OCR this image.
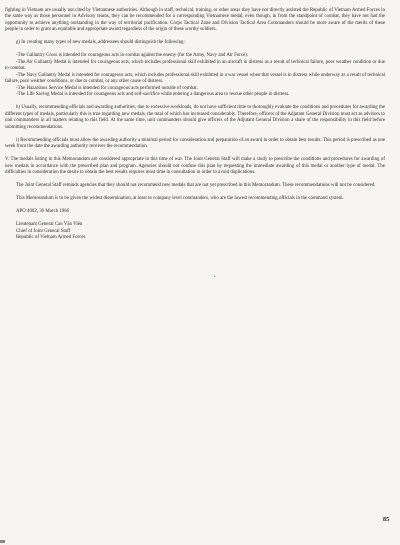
fighting in Vietnam are usually not cited by Vietnamese authorities. Although in staff, technical, training, or other areas they have not directly assisted the Republic of Vietnam Armed Forces in the same way as those personnel in Advisory teams, they can be recommended for a corresponding Vietnamese medal, even though, in from the standpoint of combat, they have not had the opportunity to achieve anything outstanding in the way of territorial pacification. Corps Tactical Zone and Division Tactical Area Commanders should be more aware of the merits of these people in order to grant an equitable and appropriate award regardless of the origin of these worthy soldiers.

g) In creating many types of new medals, addressees should distinguish the following:

-The Gallantry Cross is intended for courageous acts in combat against the enemy (for the Army, Navy and Air Force).

-The Air Gallantry Medal is intended for courageous acts, which includes professional skill exhibited in an aircraft in distress as a result of technical failure, poor weather condition or due to combat.

-The Navy Gallantry Medal is intended for courageous acts, which includes professional skill exhibited in a war vessel when that vessel is in distress while underway as a result of technical failure, poor weather conditions, or due to combat, or any other cause of distress.

-The Hazardous Service Medal is intended for courageous acts performed outside of combat.

-The Life Saving Medal is intended for courageous acts and self-sacrifice while entering a dangerous area to rescue other people in distress.

h) Usually, recommending officials and awarding authorities, due to excessive workloads, do not have sufficient time to thoroughly evaluate the conditions and procedures for awarding the different types of medals, particularly this is true regarding new medals, the total of which has increased considerably. Therefore, officers of the Adjutant General Division must act as advisors to unit commanders in all matters relating to this field. At the same time, unit commanders should give officers of the Adjutant General Division a share of the responsibility in this field before submitting recommendations.

i) Recommending officials must allow the awarding authority a minimal period for consideration and preparation of an award in order to obtain best results. This period is prescribed as one week from the date the awarding authority receives the recommendation.

V. The medals listing in this Memorandum are considered appropriate in this time of war. The Joint General Staff will make a study to prescribe the conditions and procedures for awarding of new medals in accordance with the prescribed plan and program. Agencies should not confuse this plan by requesting the immediate awarding of this medal or another type of medal. The difficulties in consideration the desire to obtain the best results requires must time in consultation in order to avoid duplications.

The Joint General Staff reminds agencies that they should not recommend new medals that are not yet prescribed in this Memorandum. These recommendations will not be considered.

This Memorandum is to be given the widest dissemination, at least to company level commanders, who are the lowest recommending officials in the command system.

APO 4002, 30 March 1966

Lieutenant General Cao Văn Viên

Chief of Joint General Staff

Republic of Vietnam Armed Forces

85
